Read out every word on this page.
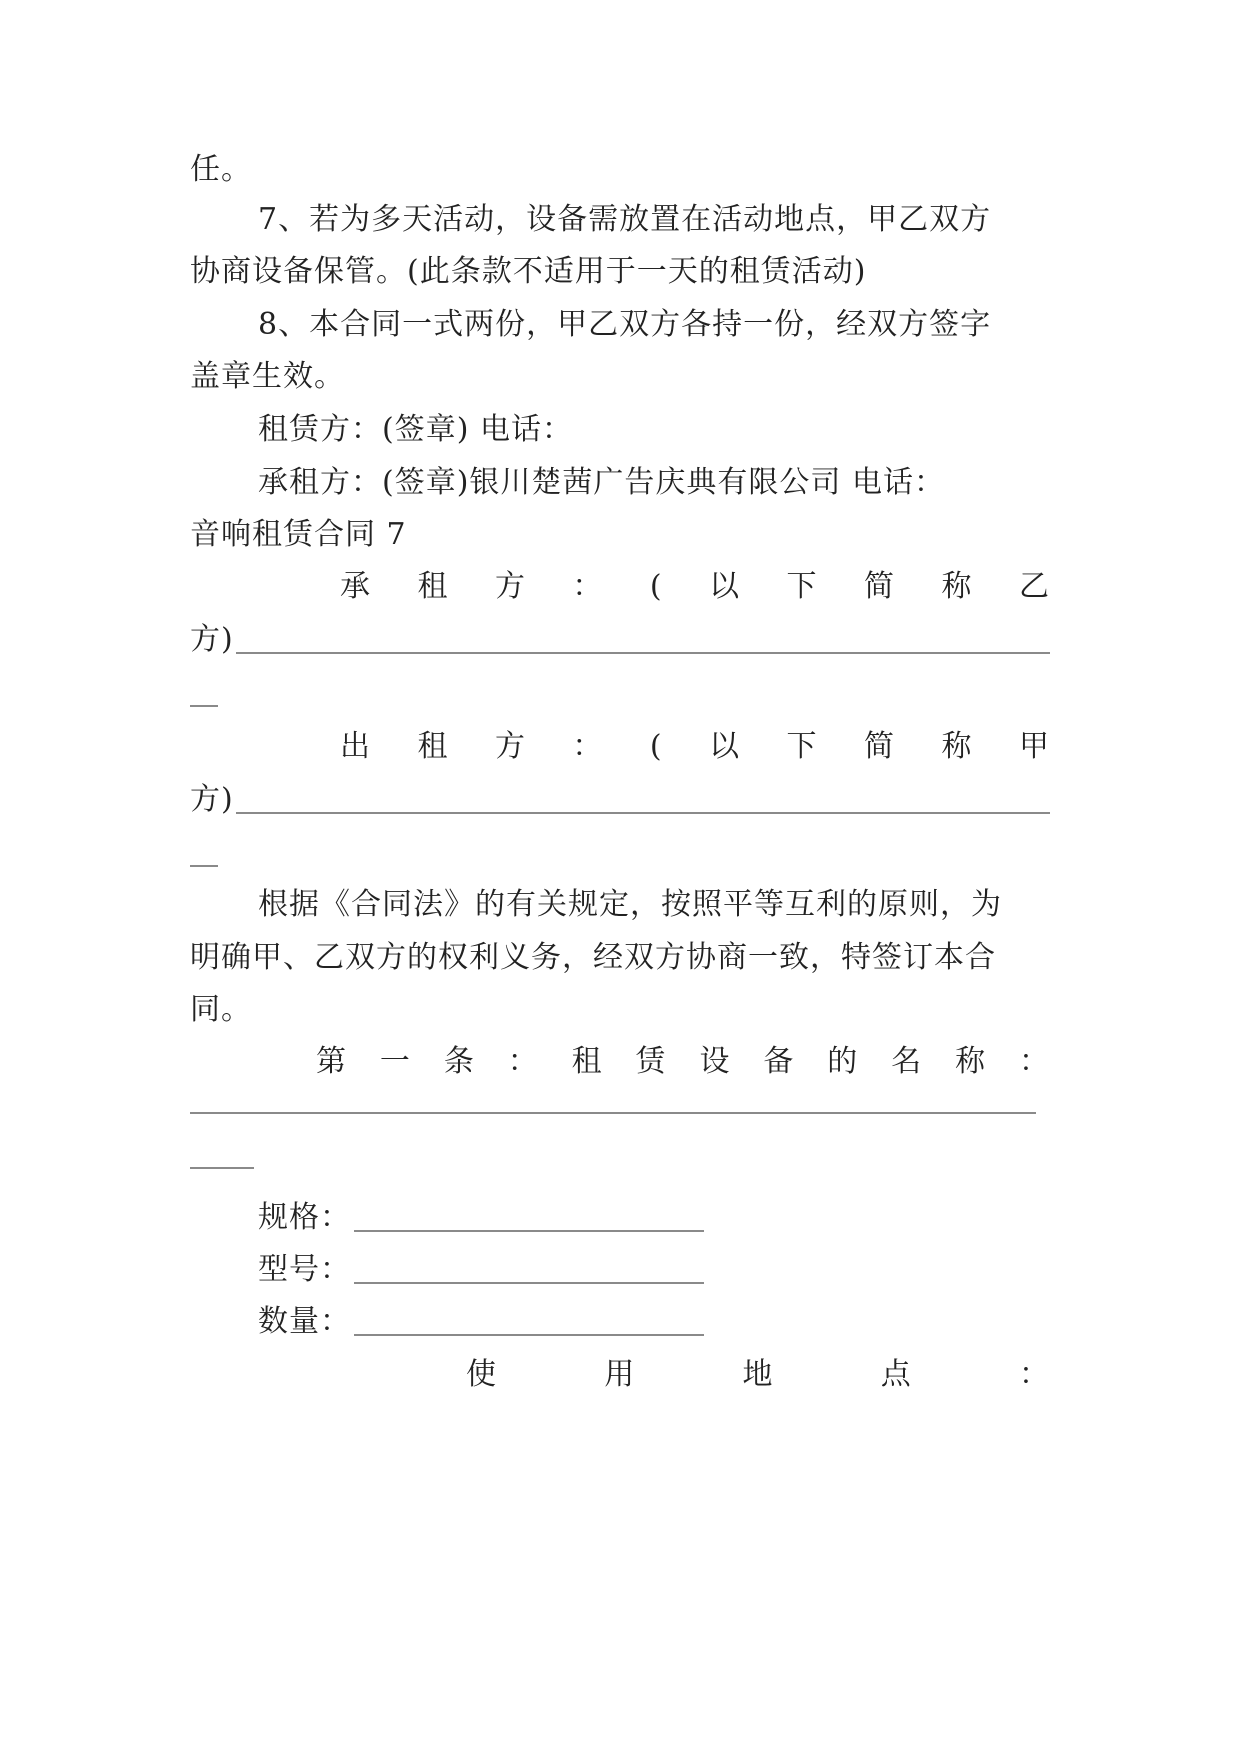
任。
7、若为多天活动，设备需放置在活动地点，甲乙双方
协商设备保管。(此条款不适用于一天的租赁活动)
8、本合同一式两份，甲乙双方各持一份，经双方签字
盖章生效。
租赁方：(签章) 电话：
承租方：(签章)银川楚茜广告庆典有限公司 电话：
音响租赁合同 7
承 租 方 ： ( 以 下 简 称 乙
方)
出 租 方 ： ( 以 下 简 称 甲
方)
根据《合同法》的有关规定，按照平等互利的原则，为
明确甲、乙双方的权利义务，经双方协商一致，特签订本合
同。
第 一 条 ： 租 赁 设 备 的 名 称 ：
规格：
型号：
数量：
使	用	地	点	：
